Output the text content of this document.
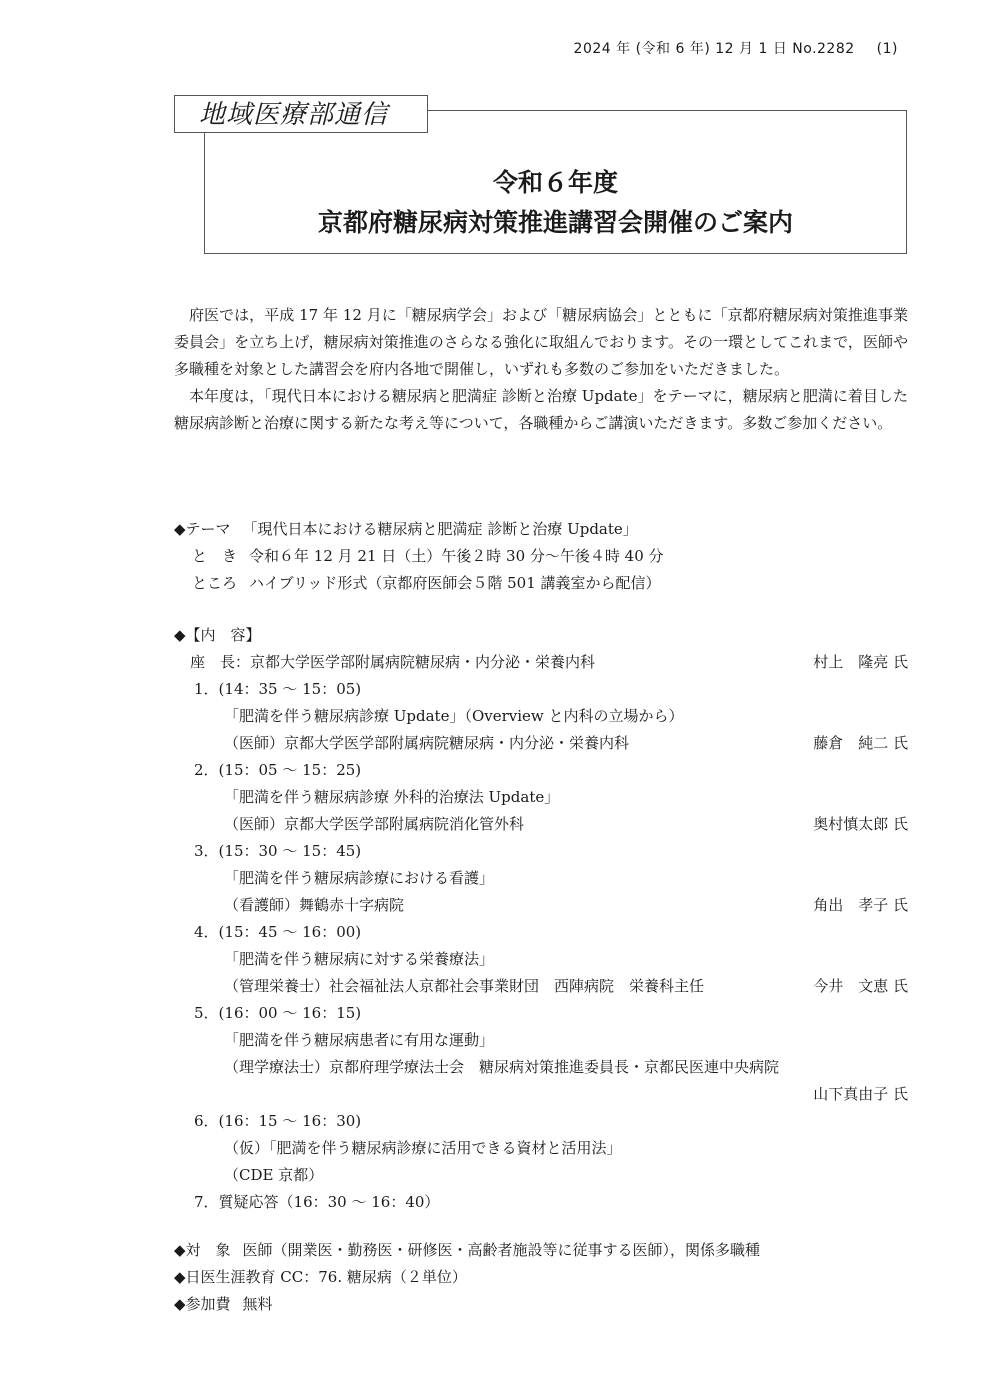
2024 年 (令和 6 年) 12 月 1 日 No.2282 (1)
地域医療部通信
令和６年度
京都府糖尿病対策推進講習会開催のご案内

府医では，平成 17 年 12 月に「糖尿病学会」および「糖尿病協会」とともに「京都府糖尿病対策推進事業委員会」を立ち上げ，糖尿病対策推進のさらなる強化に取組んでおります。その一環としてこれまで，医師や多職種を対象とした講習会を府内各地で開催し，いずれも多数のご参加をいただきました。

本年度は，「現代日本における糖尿病と肥満症 診断と治療 Update」をテーマに，糖尿病と肥満に着目した糖尿病診断と治療に関する新たな考え等について，各職種からご講演いただきます。多数ご参加ください。

◆テーマ 「現代日本における糖尿病と肥満症 診断と治療 Update」
と　き 令和６年 12 月 21 日（土）午後２時 30 分～午後４時 40 分
ところ ハイブリッド形式（京都府医師会５階 501 講義室から配信）
◆【内　容】
座　長：京都大学医学部附属病院糖尿病・内分泌・栄養内科	村上　隆亮 氏
1．(14：35 ～ 15：05)
「肥満を伴う糖尿病診療 Update」（Overview と内科の立場から）
（医師）京都大学医学部附属病院糖尿病・内分泌・栄養内科	藤倉　純二 氏
2．(15：05 ～ 15：25)
「肥満を伴う糖尿病診療 外科的治療法 Update」
（医師）京都大学医学部附属病院消化管外科	奥村慎太郎 氏
3．(15：30 ～ 15：45)
「肥満を伴う糖尿病診療における看護」
（看護師）舞鶴赤十字病院	角出　孝子 氏
4．(15：45 ～ 16：00)
「肥満を伴う糖尿病に対する栄養療法」
（管理栄養士）社会福祉法人京都社会事業財団　西陣病院　栄養科主任	今井　文恵 氏
5．(16：00 ～ 16：15)
「肥満を伴う糖尿病患者に有用な運動」
（理学療法士）京都府理学療法士会　糖尿病対策推進委員長・京都民医連中央病院
山下真由子 氏
6．(16：15 ～ 16：30)
（仮）「肥満を伴う糖尿病診療に活用できる資材と活用法」
（CDE 京都）
7．質疑応答（16：30 ～ 16：40）
◆対　象 医師（開業医・勤務医・研修医・高齢者施設等に従事する医師），関係多職種
◆日医生涯教育 CC：76. 糖尿病（２単位）
◆参加費 無料
